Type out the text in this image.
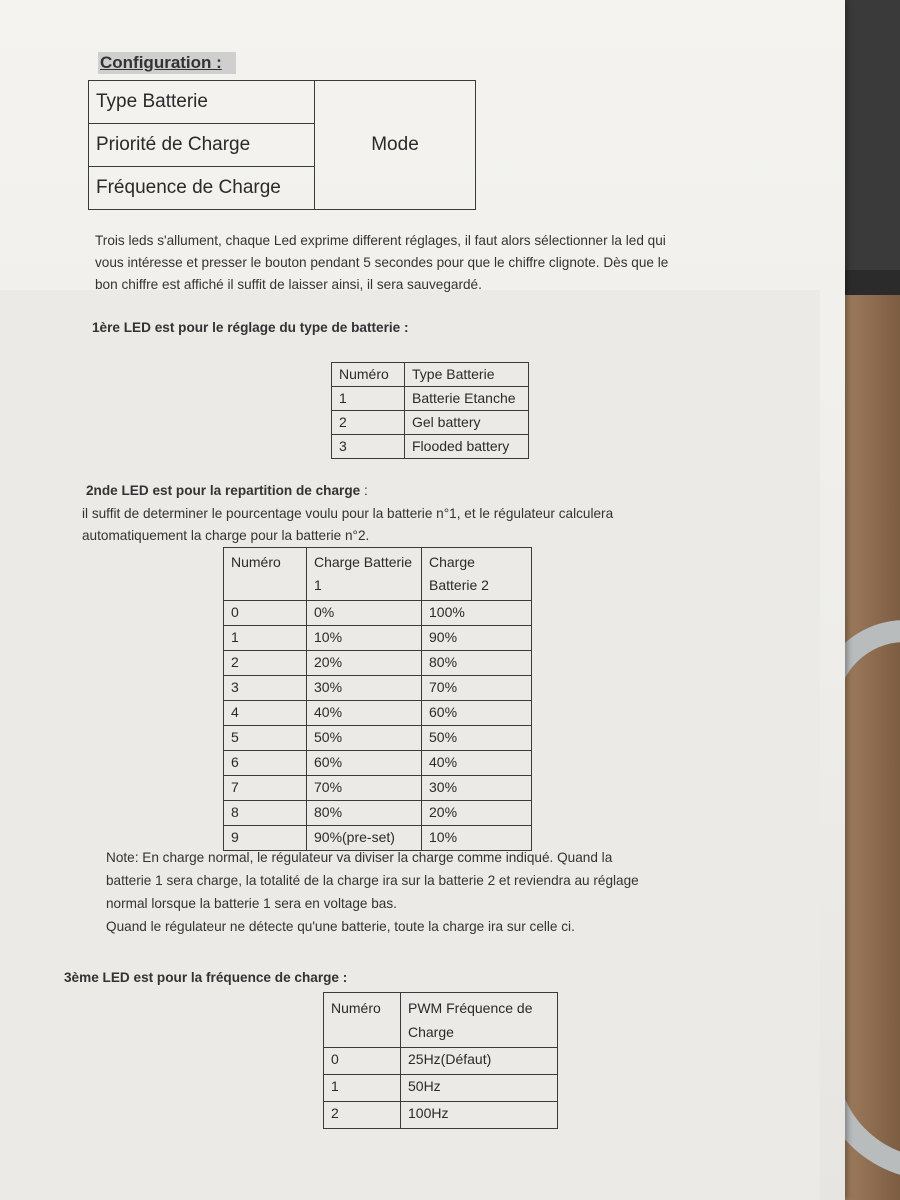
Configuration :
Type Batterie	Mode
Priorité de Charge
Fréquence de Charge
Trois leds s'allument, chaque Led exprime different réglages, il faut alors sélectionner la led qui
vous intéresse et presser le bouton pendant 5 secondes pour que le chiffre clignote. Dès que le
bon chiffre est affiché il suffit de laisser ainsi, il sera sauvegardé.
1ère LED est pour le réglage du type de batterie :
Numéro	Type Batterie
1	Batterie Etanche
2	Gel battery
3	Flooded battery
2nde LED est pour la repartition de charge :
il suffit de determiner le pourcentage voulu pour la batterie n°1, et le régulateur calculera
automatiquement la charge pour la batterie n°2.
Numéro	Charge Batterie 1	Charge Batterie 2
0	0%	100%
1	10%	90%
2	20%	80%
3	30%	70%
4	40%	60%
5	50%	50%
6	60%	40%
7	70%	30%
8	80%	20%
9	90%(pre-set)	10%
Note: En charge normal, le régulateur va diviser la charge comme indiqué. Quand la
batterie 1 sera charge, la totalité de la charge ira sur la batterie 2 et reviendra au réglage
normal lorsque la batterie 1 sera en voltage bas.
Quand le régulateur ne détecte qu'une batterie, toute la charge ira sur celle ci.
3ème LED est pour la fréquence de charge :
Numéro	PWM Fréquence de Charge
0	25Hz(Défaut)
1	50Hz
2	100Hz
